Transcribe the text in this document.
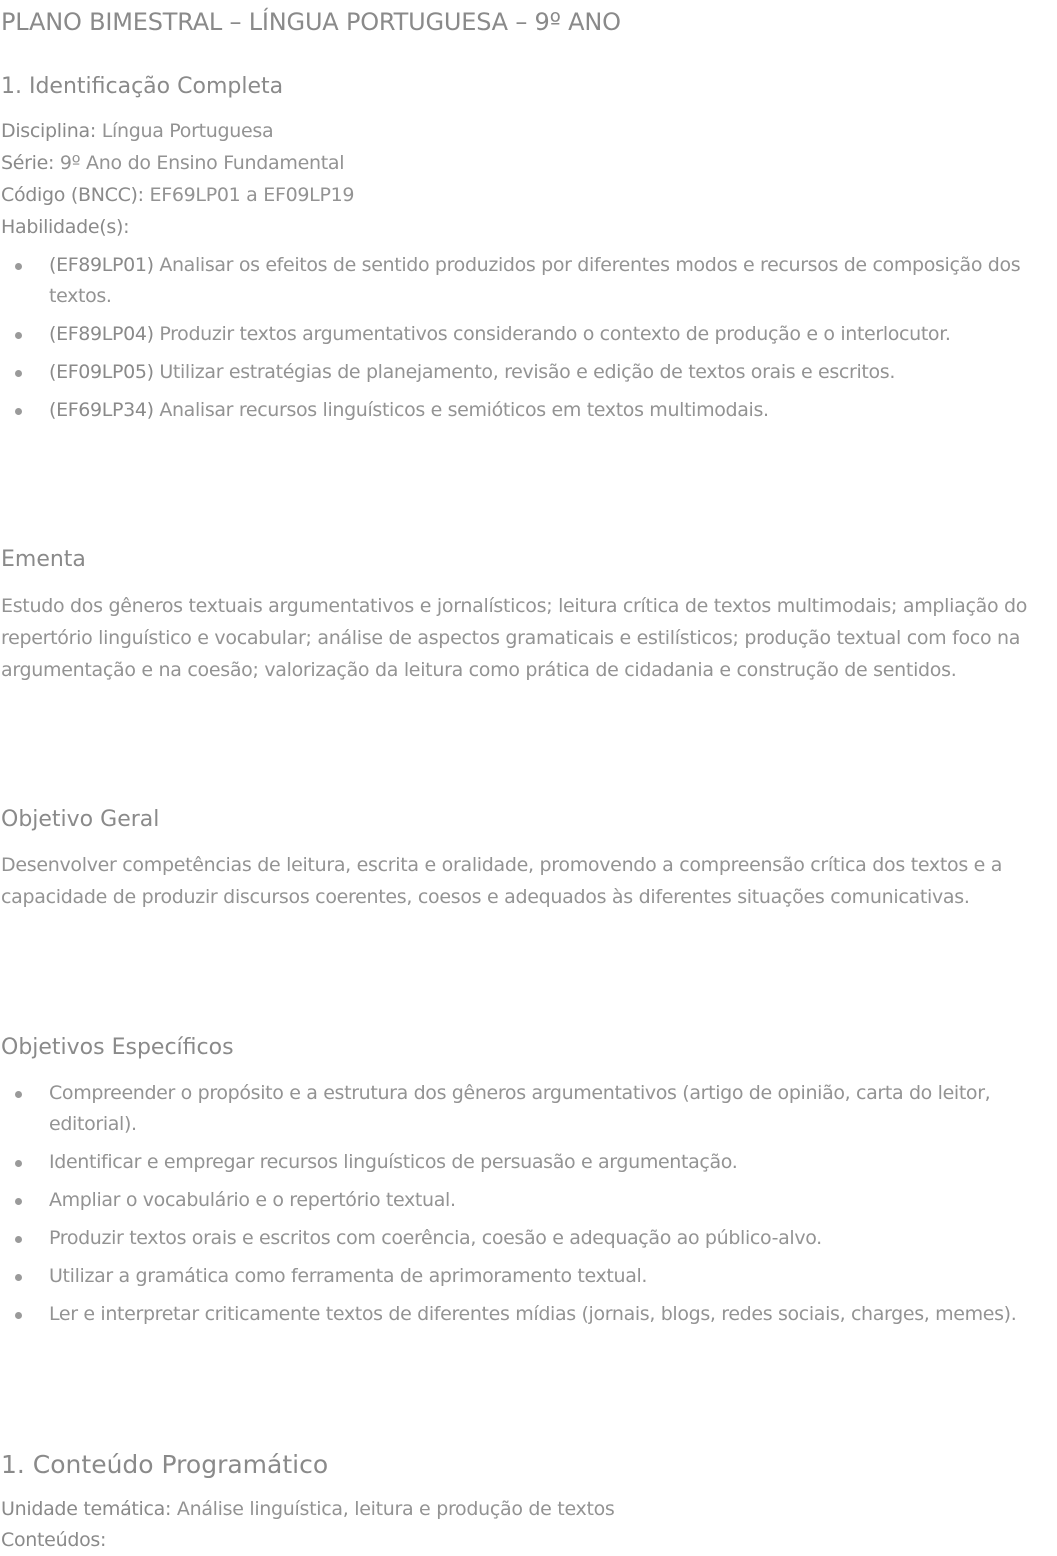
PLANO BIMESTRAL – LÍNGUA PORTUGUESA – 9º ANO
1. Identificação Completa
Disciplina: Língua Portuguesa
Série: 9º Ano do Ensino Fundamental
Código (BNCC): EF69LP01 a EF09LP19
Habilidade(s):
(EF89LP01) Analisar os efeitos de sentido produzidos por diferentes modos e recursos de composição dos textos.
(EF89LP04) Produzir textos argumentativos considerando o contexto de produção e o interlocutor.
(EF09LP05) Utilizar estratégias de planejamento, revisão e edição de textos orais e escritos.
(EF69LP34) Analisar recursos linguísticos e semióticos em textos multimodais.
Ementa

Estudo dos gêneros textuais argumentativos e jornalísticos; leitura crítica de textos multimodais; ampliação do repertório linguístico e vocabular; análise de aspectos gramaticais e estilísticos; produção textual com foco na argumentação e na coesão; valorização da leitura como prática de cidadania e construção de sentidos.

Objetivo Geral

Desenvolver competências de leitura, escrita e oralidade, promovendo a compreensão crítica dos textos e a capacidade de produzir discursos coerentes, coesos e adequados às diferentes situações comunicativas.

Objetivos Específicos
Compreender o propósito e a estrutura dos gêneros argumentativos (artigo de opinião, carta do leitor, editorial).
Identificar e empregar recursos linguísticos de persuasão e argumentação.
Ampliar o vocabulário e o repertório textual.
Produzir textos orais e escritos com coerência, coesão e adequação ao público-alvo.
Utilizar a gramática como ferramenta de aprimoramento textual.
Ler e interpretar criticamente textos de diferentes mídias (jornais, blogs, redes sociais, charges, memes).
1. Conteúdo Programático
Unidade temática: Análise linguística, leitura e produção de textos
Conteúdos:
